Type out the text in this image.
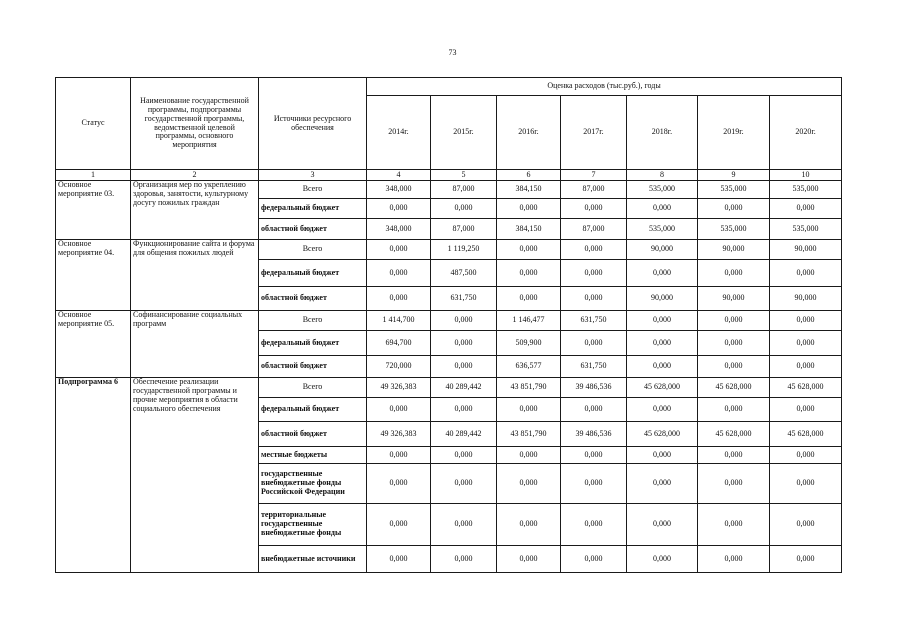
73
Статус	Наименование государственной программы, подпрограммы государственной программы, ведомственной целевой программы, основного мероприятия	Источники ресурсного обеспечения	Оценка расходов (тыс.руб.), годы						
			2014г.	2015г.	2016г.	2017г.	2018г.	2019г.	2020г.
1	2	3	4	5	6	7	8	9	10
Основное мероприятие 03.	Организация мер по укреплению здоровья, занятости, культурному досугу пожилых граждан	Всего	348,000	87,000	384,150	87,000	535,000	535,000	535,000
		федеральный бюджет	0,000	0,000	0,000	0,000	0,000	0,000	0,000
		областной бюджет	348,000	87,000	384,150	87,000	535,000	535,000	535,000
Основное мероприятие 04.	Функционирование сайта и форума для общения пожилых людей	Всего	0,000	1 119,250	0,000	0,000	90,000	90,000	90,000
		федеральный бюджет	0,000	487,500	0,000	0,000	0,000	0,000	0,000
		областной бюджет	0,000	631,750	0,000	0,000	90,000	90,000	90,000
Основное мероприятие 05.	Софинансирование социальных программ	Всего	1 414,700	0,000	1 146,477	631,750	0,000	0,000	0,000
		федеральный бюджет	694,700	0,000	509,900	0,000	0,000	0,000	0,000
		областной бюджет	720,000	0,000	636,577	631,750	0,000	0,000	0,000
Подпрограмма 6	Обеспечение реализации государственной программы и прочие мероприятия в области социального обеспечения	Всего	49 326,383	40 289,442	43 851,790	39 486,536	45 628,000	45 628,000	45 628,000
		федеральный бюджет	0,000	0,000	0,000	0,000	0,000	0,000	0,000
		областной бюджет	49 326,383	40 289,442	43 851,790	39 486,536	45 628,000	45 628,000	45 628,000
		местные бюджеты	0,000	0,000	0,000	0,000	0,000	0,000	0,000
		государственные внебюджетные фонды Российской Федерации	0,000	0,000	0,000	0,000	0,000	0,000	0,000
		территориальные государственные внебюджетные фонды	0,000	0,000	0,000	0,000	0,000	0,000	0,000
		внебюджетные источники	0,000	0,000	0,000	0,000	0,000	0,000	0,000
